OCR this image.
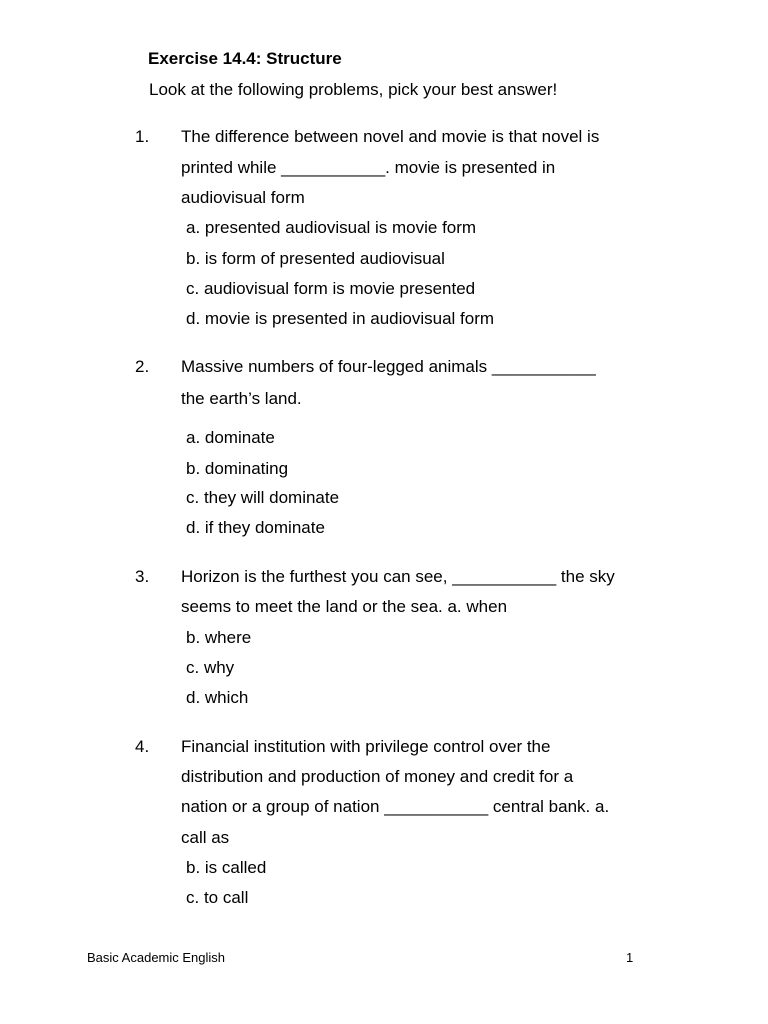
Exercise 14.4: Structure
Look at the following problems, pick your best answer!
1. The difference between novel and movie is that novel is
printed while ___________. movie is presented in
audiovisual form
a. presented audiovisual is movie form
b. is form of presented audiovisual
c. audiovisual form is movie presented
d. movie is presented in audiovisual form
2. Massive numbers of four-legged animals ___________
the earth’s land.
a. dominate
b. dominating
c. they will dominate
d. if they dominate
3. Horizon is the furthest you can see, ___________ the sky
seems to meet the land or the sea. a. when
b. where
c. why
d. which
4. Financial institution with privilege control over the
distribution and production of money and credit for a
nation or a group of nation ___________ central bank. a.
call as
b. is called
c. to call
Basic Academic English	1
